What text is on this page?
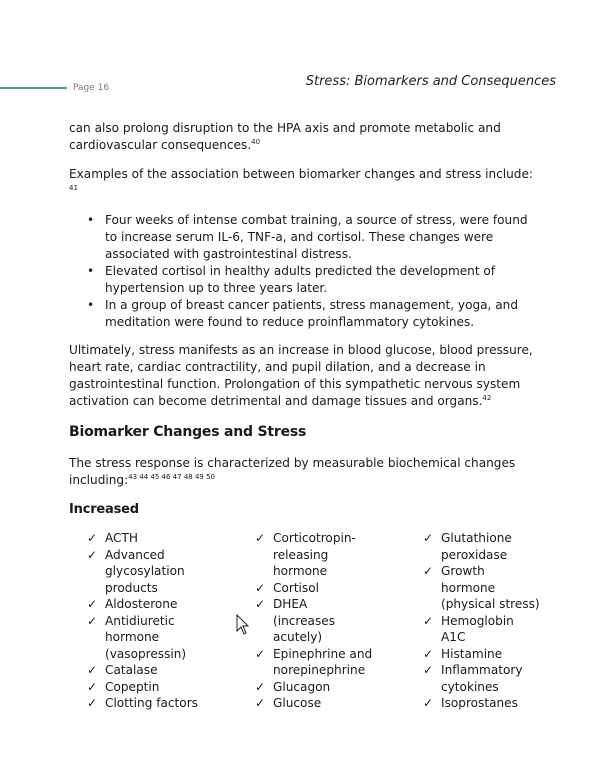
Page 16	Stress: Biomarkers and Consequences

can also prolong disruption to the HPA axis and promote metabolic and cardiovascular consequences.$^{40}$

Examples of the association between biomarker changes and stress include: $^{41}$

• Four weeks of intense combat training, a source of stress, were found to increase serum IL-6, TNF-a, and cortisol. These changes were associated with gastrointestinal distress.
• Elevated cortisol in healthy adults predicted the development of hypertension up to three years later.
• In a group of breast cancer patients, stress management, yoga, and meditation were found to reduce proinflammatory cytokines.

Ultimately, stress manifests as an increase in blood glucose, blood pressure, heart rate, cardiac contractility, and pupil dilation, and a decrease in gastrointestinal function. Prolongation of this sympathetic nervous system activation can become detrimental and damage tissues and organs.$^{42}$

Biomarker Changes and Stress

The stress response is characterized by measurable biochemical changes including:$^{43 44 45 46 47 48 49 50}$

Increased
✓ ACTH
✓ Advanced glycosylation products
✓ Aldosterone
✓ Antidiuretic hormone (vasopressin)
✓ Catalase
✓ Copeptin
✓ Clotting factors
✓ Corticotropin-releasing hormone
✓ Cortisol
✓ DHEA (increases acutely)
✓ Epinephrine and norepinephrine
✓ Glucagon
✓ Glucose
✓ Glutathione peroxidase
✓ Growth hormone (physical stress)
✓ Hemoglobin A1C
✓ Histamine
✓ Inflammatory cytokines
✓ Isoprostanes
